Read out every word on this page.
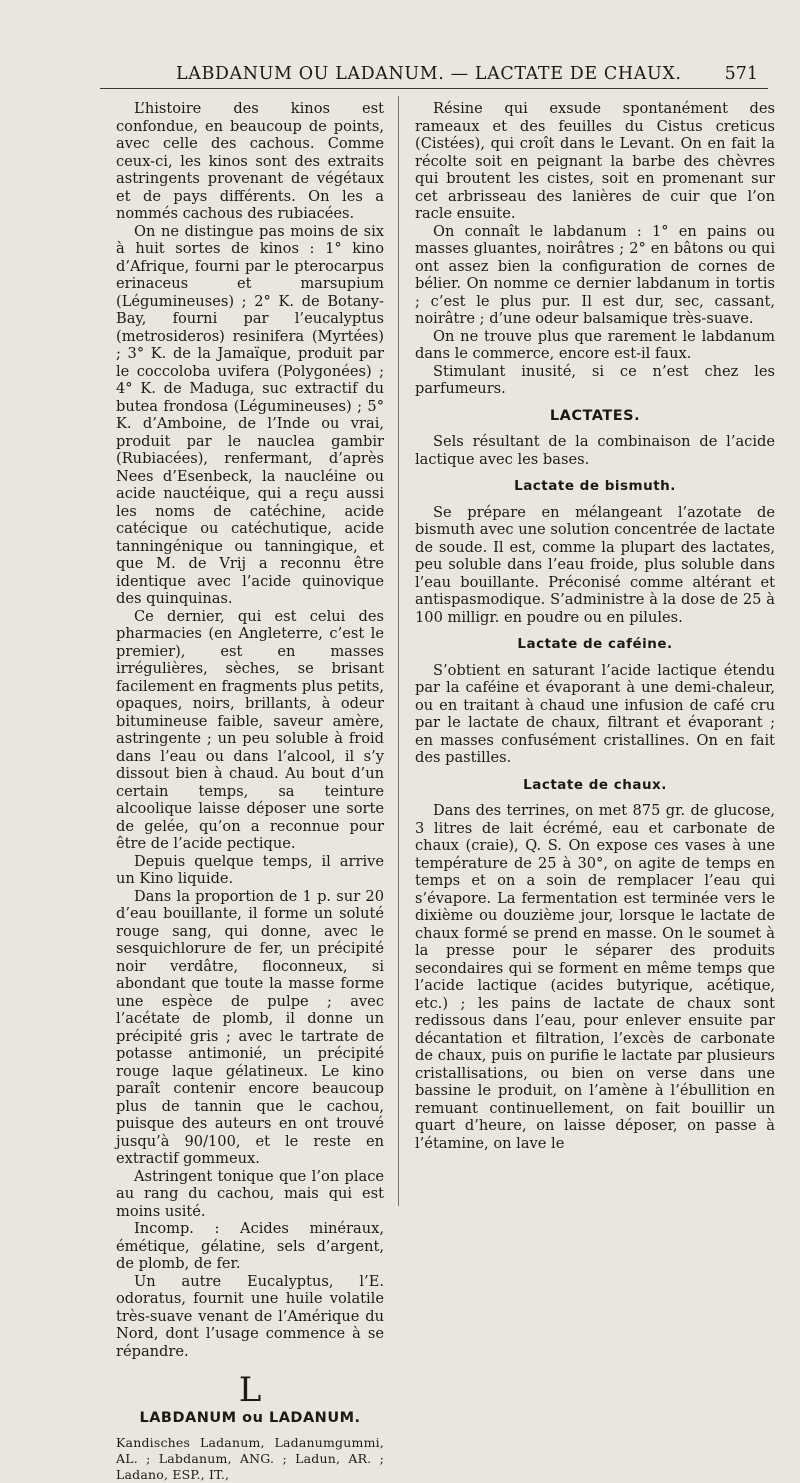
LABDANUM OU LADANUM. — LACTATE DE CHAUX. 571

L’histoire des kinos est confondue, en beaucoup de points, avec celle des cachous. Comme ceux-ci, les kinos sont des extraits astringents provenant de végétaux et de pays différents. On les a nommés cachous des rubiacées.

On ne distingue pas moins de six à huit sortes de kinos : 1° kino d’Afrique, fourni par le pterocarpus erinaceus et marsupium (Légumineuses) ; 2° K. de Botany-Bay, fourni par l’eucalyptus (metrosideros) resinifera (Myrtées) ; 3° K. de la Jamaïque, produit par le coccoloba uvifera (Polygonées) ; 4° K. de Maduga, suc extractif du butea frondosa (Légumineuses) ; 5° K. d’Amboine, de l’Inde ou vrai, produit par le nauclea gambir (Rubiacées), renfermant, d’après Nees d’Esenbeck, la naucléine ou acide nauctéique, qui a reçu aussi les noms de catéchine, acide catécique ou catéchutique, acide tanningénique ou tanningique, et que M. de Vrij a reconnu être identique avec l’acide quinovique des quinquinas.

Ce dernier, qui est celui des pharmacies (en Angleterre, c’est le premier), est en masses irrégulières, sèches, se brisant facilement en fragments plus petits, opaques, noirs, brillants, à odeur bitumineuse faible, saveur amère, astringente ; un peu soluble à froid dans l’eau ou dans l’alcool, il s’y dissout bien à chaud. Au bout d’un certain temps, sa teinture alcoolique laisse déposer une sorte de gelée, qu’on a reconnue pour être de l’acide pectique.

Depuis quelque temps, il arrive un Kino liquide.

Dans la proportion de 1 p. sur 20 d’eau bouillante, il forme un soluté rouge sang, qui donne, avec le sesquichlorure de fer, un précipité noir verdâtre, floconneux, si abondant que toute la masse forme une espèce de pulpe ; avec l’acétate de plomb, il donne un précipité gris ; avec le tartrate de potasse antimonié, un précipité rouge laque gélatineux. Le kino paraît contenir encore beaucoup plus de tannin que le cachou, puisque des auteurs en ont trouvé jusqu’à 90/100, et le reste en extractif gommeux.

Astringent tonique que l’on place au rang du cachou, mais qui est moins usité.

Incomp. : Acides minéraux, émétique, gélatine, sels d’argent, de plomb, de fer.

Un autre Eucalyptus, l’E. odoratus, fournit une huile volatile très-suave venant de l’Amérique du Nord, dont l’usage commence à se répandre.

L
LABDANUM ou LADANUM.

Kandisches Ladanum, Ladanumgummi, AL. ; Labdanum, ANG. ; Ladun, AR. ; Ladano, ESP., IT.,

Résine qui exsude spontanément des rameaux et des feuilles du Cistus creticus (Cistées), qui croît dans le Levant. On en fait la récolte soit en peignant la barbe des chèvres qui broutent les cistes, soit en promenant sur cet arbrisseau des lanières de cuir que l’on racle ensuite.

On connaît le labdanum : 1° en pains ou masses gluantes, noirâtres ; 2° en bâtons ou qui ont assez bien la configuration de cornes de bélier. On nomme ce dernier labdanum in tortis ; c’est le plus pur. Il est dur, sec, cassant, noirâtre ; d’une odeur balsamique très-suave.

On ne trouve plus que rarement le labdanum dans le commerce, encore est-il faux.

Stimulant inusité, si ce n’est chez les parfumeurs.

LACTATES.

Sels résultant de la combinaison de l’acide lactique avec les bases.

Lactate de bismuth.

Se prépare en mélangeant l’azotate de bismuth avec une solution concentrée de lactate de soude. Il est, comme la plupart des lactates, peu soluble dans l’eau froide, plus soluble dans l’eau bouillante. Préconisé comme altérant et antispasmodique. S’administre à la dose de 25 à 100 milligr. en poudre ou en pilules.

Lactate de caféine.

S’obtient en saturant l’acide lactique étendu par la caféine et évaporant à une demi-chaleur, ou en traitant à chaud une infusion de café cru par le lactate de chaux, filtrant et évaporant ; en masses confusément cristallines. On en fait des pastilles.

Lactate de chaux.

Dans des terrines, on met 875 gr. de glucose, 3 litres de lait écrémé, eau et carbonate de chaux (craie), Q. S. On expose ces vases à une température de 25 à 30°, on agite de temps en temps et on a soin de remplacer l’eau qui s’évapore. La fermentation est terminée vers le dixième ou douzième jour, lorsque le lactate de chaux formé se prend en masse. On le soumet à la presse pour le séparer des produits secondaires qui se forment en même temps que l’acide lactique (acides butyrique, acétique, etc.) ; les pains de lactate de chaux sont redissous dans l’eau, pour enlever ensuite par décantation et filtration, l’excès de carbonate de chaux, puis on purifie le lactate par plusieurs cristallisations, ou bien on verse dans une bassine le produit, on l’amène à l’ébullition en remuant continuellement, on fait bouillir un quart d’heure, on laisse déposer, on passe à l’étamine, on lave le
